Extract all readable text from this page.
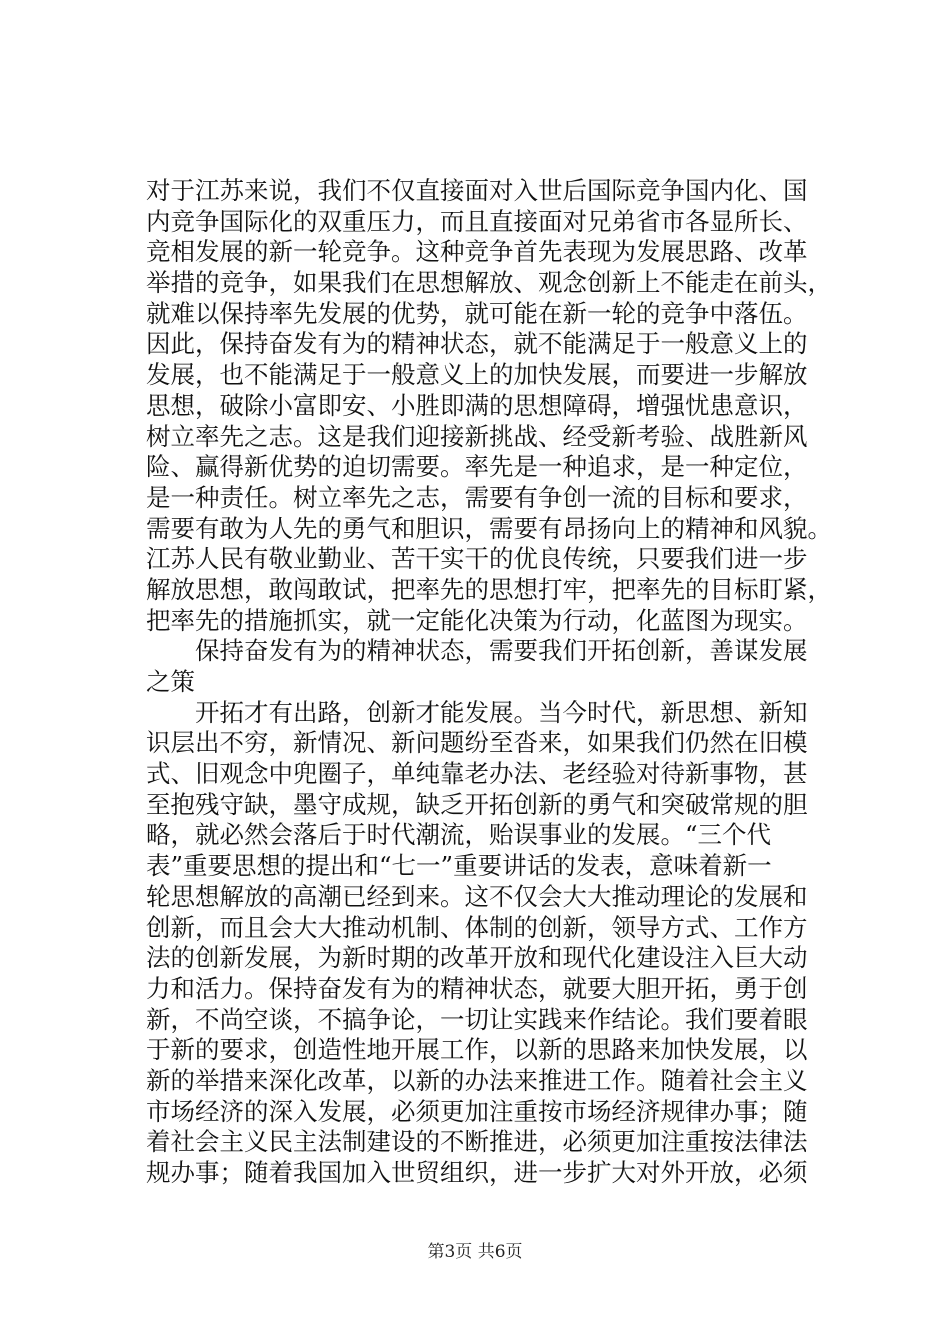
对于江苏来说，我们不仅直接面对入世后国际竞争国内化、国
内竞争国际化的双重压力，而且直接面对兄弟省市各显所长、
竞相发展的新一轮竞争。这种竞争首先表现为发展思路、改革
举措的竞争，如果我们在思想解放、观念创新上不能走在前头，
就难以保持率先发展的优势，就可能在新一轮的竞争中落伍。
因此，保持奋发有为的精神状态，就不能满足于一般意义上的
发展，也不能满足于一般意义上的加快发展，而要进一步解放
思想，破除小富即安、小胜即满的思想障碍，增强忧患意识，
树立率先之志。这是我们迎接新挑战、经受新考验、战胜新风
险、赢得新优势的迫切需要。率先是一种追求，是一种定位，
是一种责任。树立率先之志，需要有争创一流的目标和要求，
需要有敢为人先的勇气和胆识，需要有昂扬向上的精神和风貌。
江苏人民有敬业勤业、苦干实干的优良传统，只要我们进一步
解放思想，敢闯敢试，把率先的思想打牢，把率先的目标盯紧，
把率先的措施抓实，就一定能化决策为行动，化蓝图为现实。
保持奋发有为的精神状态，需要我们开拓创新，善谋发展
之策
开拓才有出路，创新才能发展。当今时代，新思想、新知
识层出不穷，新情况、新问题纷至沓来，如果我们仍然在旧模
式、旧观念中兜圈子，单纯靠老办法、老经验对待新事物，甚
至抱残守缺，墨守成规，缺乏开拓创新的勇气和突破常规的胆
略，就必然会落后于时代潮流，贻误事业的发展。“三个代
表”重要思想的提出和“七一”重要讲话的发表，意味着新一
轮思想解放的高潮已经到来。这不仅会大大推动理论的发展和
创新，而且会大大推动机制、体制的创新，领导方式、工作方
法的创新发展，为新时期的改革开放和现代化建设注入巨大动
力和活力。保持奋发有为的精神状态，就要大胆开拓，勇于创
新，不尚空谈，不搞争论，一切让实践来作结论。我们要着眼
于新的要求，创造性地开展工作，以新的思路来加快发展，以
新的举措来深化改革，以新的办法来推进工作。随着社会主义
市场经济的深入发展，必须更加注重按市场经济规律办事；随
着社会主义民主法制建设的不断推进，必须更加注重按法律法
规办事；随着我国加入世贸组织，进一步扩大对外开放，必须
第3页 共6页
